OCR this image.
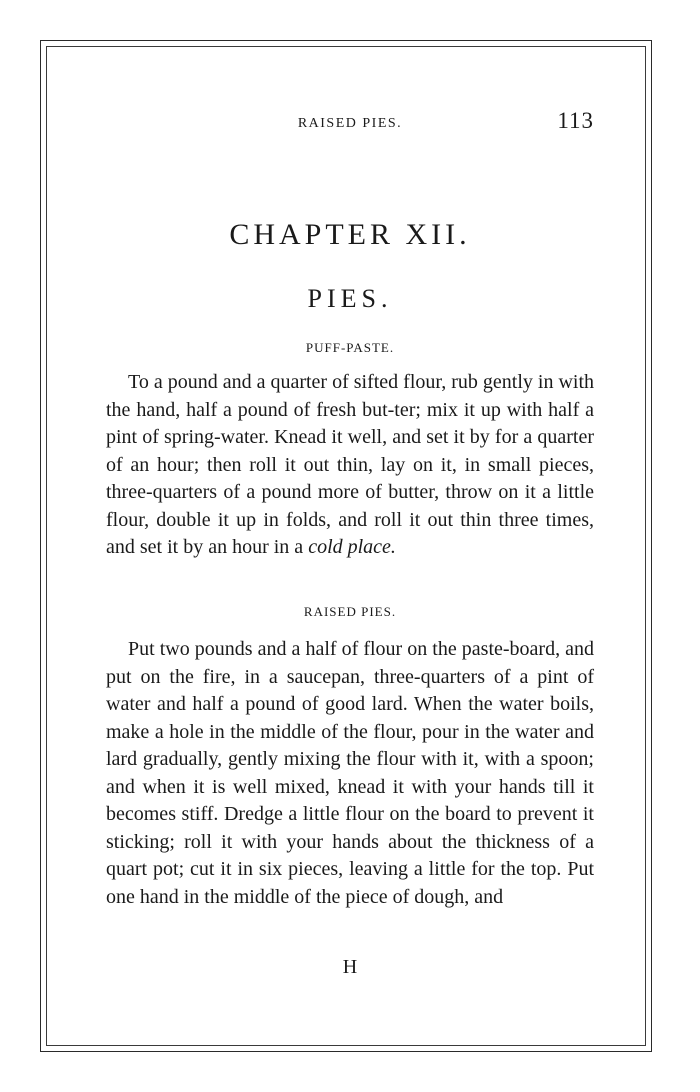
RAISED PIES.	113
CHAPTER XII.
PIES.
PUFF-PASTE.

To a pound and a quarter of sifted flour, rub gently in with the hand, half a pound of fresh but-ter; mix it up with half a pint of spring-water. Knead it well, and set it by for a quarter of an hour; then roll it out thin, lay on it, in small pieces, three-quarters of a pound more of butter, throw on it a little flour, double it up in folds, and roll it out thin three times, and set it by an hour in a cold place.

RAISED PIES.

Put two pounds and a half of flour on the paste-board, and put on the fire, in a saucepan, three-quarters of a pint of water and half a pound of good lard. When the water boils, make a hole in the middle of the flour, pour in the water and lard gradually, gently mixing the flour with it, with a spoon; and when it is well mixed, knead it with your hands till it becomes stiff. Dredge a little flour on the board to prevent it sticking; roll it with your hands about the thickness of a quart pot; cut it in six pieces, leaving a little for the top. Put one hand in the middle of the piece of dough, and

H
